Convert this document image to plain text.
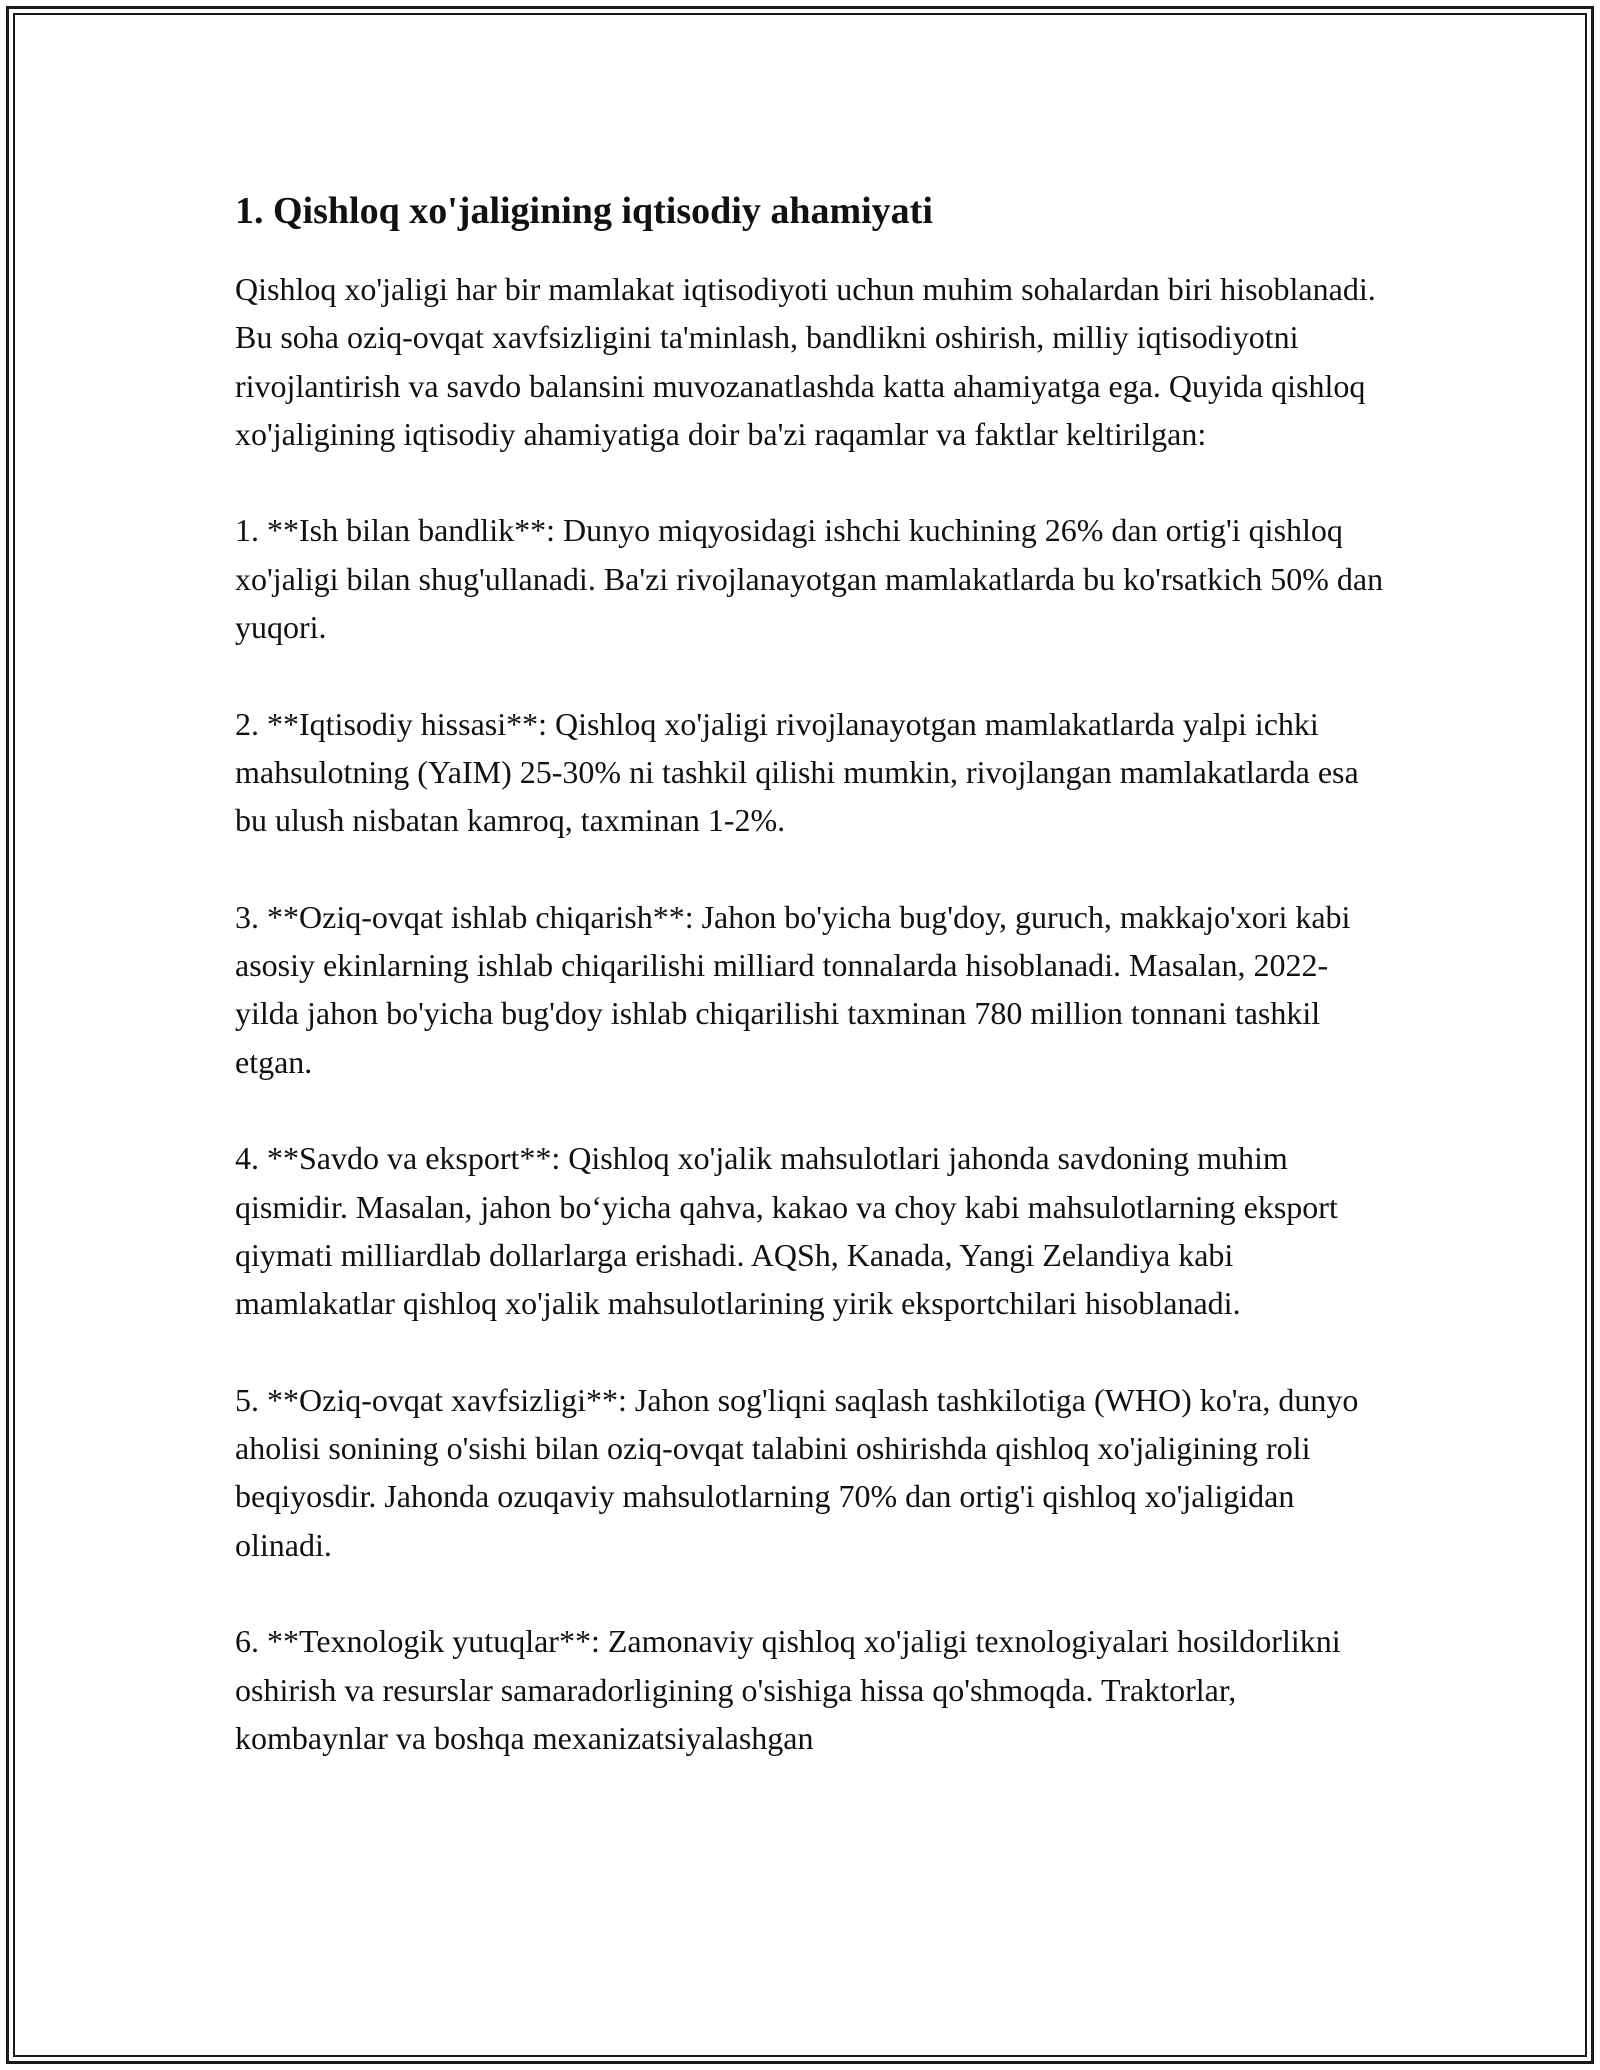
1. Qishloq xo'jaligining iqtisodiy ahamiyati

Qishloq xo'jaligi har bir mamlakat iqtisodiyoti uchun muhim sohalardan biri hisoblanadi. Bu soha oziq-ovqat xavfsizligini ta'minlash, bandlikni oshirish, milliy iqtisodiyotni rivojlantirish va savdo balansini muvozanatlashda katta ahamiyatga ega. Quyida qishloq xo'jaligining iqtisodiy ahamiyatiga doir ba'zi raqamlar va faktlar keltirilgan:

1. **Ish bilan bandlik**: Dunyo miqyosidagi ishchi kuchining 26% dan ortig'i qishloq xo'jaligi bilan shug'ullanadi. Ba'zi rivojlanayotgan mamlakatlarda bu ko'rsatkich 50% dan yuqori.

2. **Iqtisodiy hissasi**: Qishloq xo'jaligi rivojlanayotgan mamlakatlarda yalpi ichki mahsulotning (YaIM) 25-30% ni tashkil qilishi mumkin, rivojlangan mamlakatlarda esa bu ulush nisbatan kamroq, taxminan 1-2%.

3. **Oziq-ovqat ishlab chiqarish**: Jahon bo'yicha bug'doy, guruch, makkajo'xori kabi asosiy ekinlarning ishlab chiqarilishi milliard tonnalarda hisoblanadi. Masalan, 2022-yilda jahon bo'yicha bug'doy ishlab chiqarilishi taxminan 780 million tonnani tashkil etgan.

4. **Savdo va eksport**: Qishloq xo'jalik mahsulotlari jahonda savdoning muhim qismidir. Masalan, jahon bo‘yicha qahva, kakao va choy kabi mahsulotlarning eksport qiymati milliardlab dollarlarga erishadi. AQSh, Kanada, Yangi Zelandiya kabi mamlakatlar qishloq xo'jalik mahsulotlarining yirik eksportchilari hisoblanadi.

5. **Oziq-ovqat xavfsizligi**: Jahon sog'liqni saqlash tashkilotiga (WHO) ko'ra, dunyo aholisi sonining o'sishi bilan oziq-ovqat talabini oshirishda qishloq xo'jaligining roli beqiyosdir. Jahonda ozuqaviy mahsulotlarning 70% dan ortig'i qishloq xo'jaligidan olinadi.

6. **Texnologik yutuqlar**: Zamonaviy qishloq xo'jaligi texnologiyalari hosildorlikni oshirish va resurslar samaradorligining o'sishiga hissa qo'shmoqda. Traktorlar, kombaynlar va boshqa mexanizatsiyalashgan
